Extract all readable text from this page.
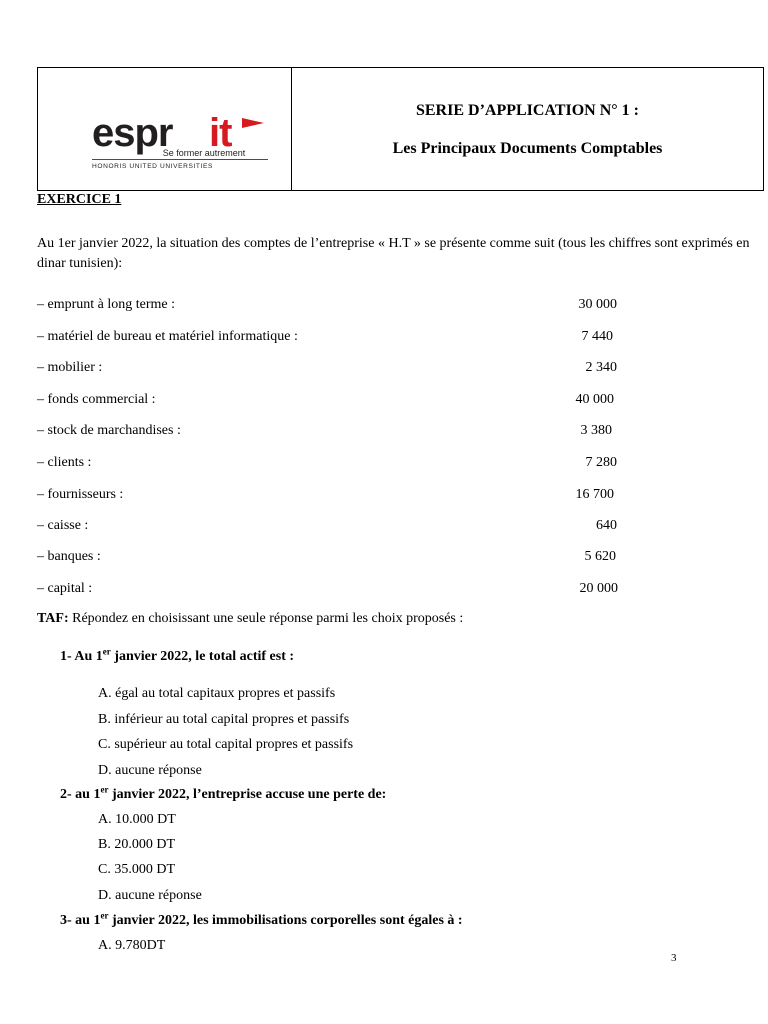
espr it
Se former autrement
HONORIS UNITED UNIVERSITIES
SERIE D’APPLICATION N° 1 :
Les Principaux Documents Comptables
EXERCICE 1
Au 1er janvier 2022, la situation des comptes de l’entreprise « H.T » se présente comme suit (tous les chiffres sont exprimés en dinar tunisien):
– emprunt à long terme :	30 000
– matériel de bureau et matériel informatique :	7 440
– mobilier :	2 340
– fonds commercial :	40 000
– stock de marchandises :	3 380
– clients :	7 280
– fournisseurs :	16 700
– caisse :	640
– banques :	5 620
– capital :	20 000
TAF: Répondez en choisissant une seule réponse parmi les choix proposés :
1- Au 1er janvier 2022, le total actif est :
A. égal au total capitaux propres et passifs
B. inférieur au total capital propres et passifs
C. supérieur au total capital propres et passifs
D. aucune réponse
2- au 1er janvier 2022, l’entreprise accuse une perte de:
A. 10.000 DT
B. 20.000 DT
C. 35.000 DT
D. aucune réponse
3- au 1er janvier 2022, les immobilisations corporelles sont égales à :
A. 9.780DT
3
